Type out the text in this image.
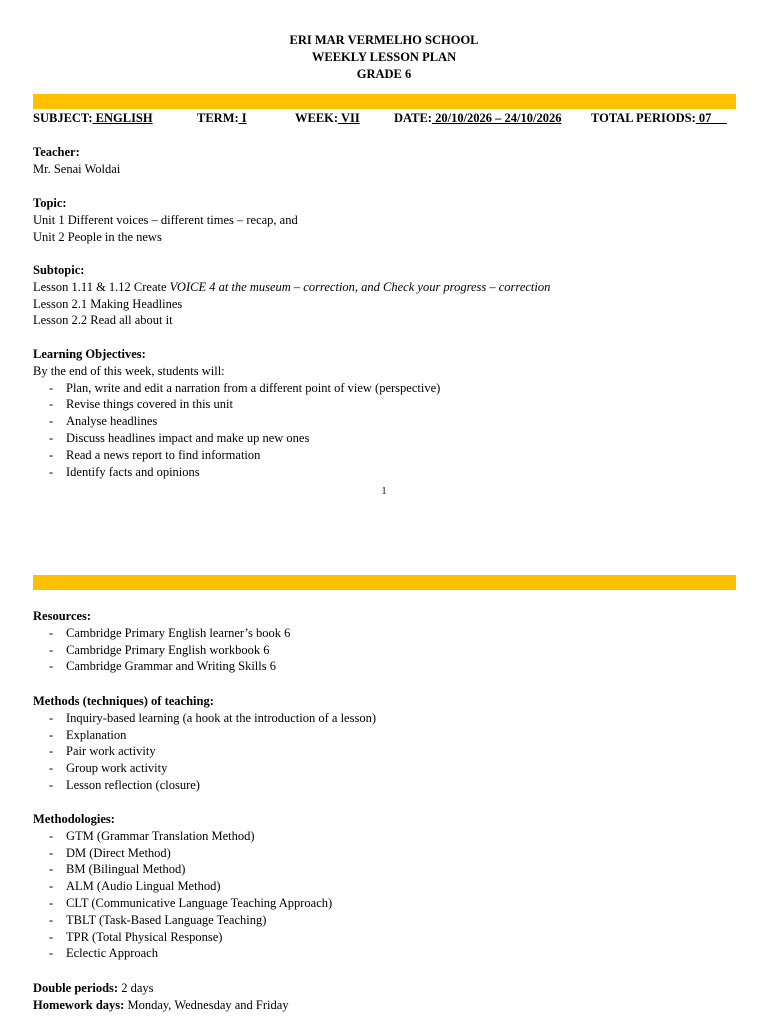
ERI MAR VERMELHO SCHOOL
WEEKLY LESSON PLAN
GRADE 6
SUBJECT: ENGLISH	TERM: I	WEEK: VII	DATE: 20/10/2026 – 24/10/2026 TOTAL PERIODS: 07
Teacher:
Mr. Senai Woldai
Topic:
Unit 1 Different voices – different times – recap, and
Unit 2 People in the news
Subtopic:
Lesson 1.11 & 1.12 Create VOICE 4 at the museum – correction, and Check your progress – correction
Lesson 2.1 Making Headlines
Lesson 2.2 Read all about it
Learning Objectives:
By the end of this week, students will:
- Plan, write and edit a narration from a different point of view (perspective)
- Revise things covered in this unit
- Analyse headlines
- Discuss headlines impact and make up new ones
- Read a news report to find information
- Identify facts and opinions
1
Resources:
- Cambridge Primary English learner’s book 6
- Cambridge Primary English workbook 6
- Cambridge Grammar and Writing Skills 6
Methods (techniques) of teaching:
- Inquiry-based learning (a hook at the introduction of a lesson)
- Explanation
- Pair work activity
- Group work activity
- Lesson reflection (closure)
Methodologies:
- GTM (Grammar Translation Method)
- DM (Direct Method)
- BM (Bilingual Method)
- ALM (Audio Lingual Method)
- CLT (Communicative Language Teaching Approach)
- TBLT (Task-Based Language Teaching)
- TPR (Total Physical Response)
- Eclectic Approach
Double periods: 2 days
Homework days: Monday, Wednesday and Friday
